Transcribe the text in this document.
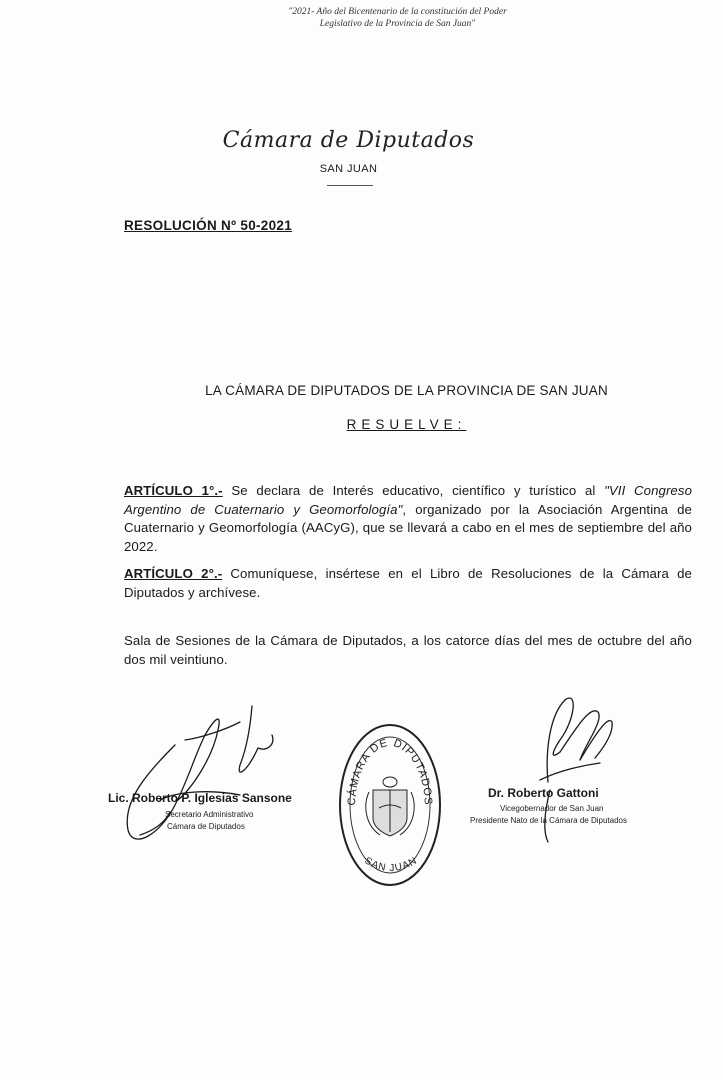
"2021- Año del Bicentenario de la constitución del Poder
Legislativo de la Provincia de San Juan"
Cámara de Diputados
SAN JUAN
RESOLUCIÓN Nº 50-2021
LA CÁMARA DE DIPUTADOS DE LA PROVINCIA DE SAN JUAN
RESUELVE:
ARTÍCULO 1°.- Se declara de Interés educativo, científico y turístico al "VII Congreso Argentino de Cuaternario y Geomorfología", organizado por la Asociación Argentina de Cuaternario y Geomorfología (AACyG), que se llevará a cabo en el mes de septiembre del año 2022.
ARTÍCULO 2°.- Comuníquese, insértese en el Libro de Resoluciones de la Cámara de Diputados y archívese.
Sala de Sesiones de la Cámara de Diputados, a los catorce días del mes de octubre del año dos mil veintiuno.
Lic. Roberto P. Iglesias Sansone
Secretario Administrativo
Cámara de Diputados
CÁMARA DE DIPUTADOS
SAN JUAN
Dr. Roberto Gattoni
Vicegobernador de San Juan
Presidente Nato de la Cámara de Diputados
